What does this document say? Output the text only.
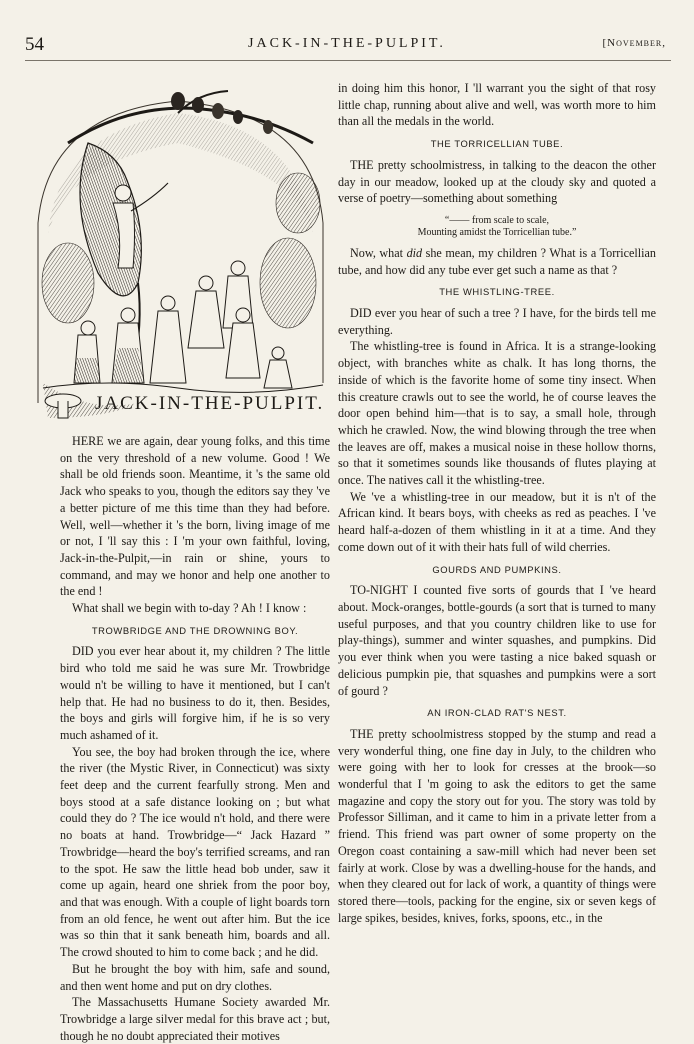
54	JACK-IN-THE-PULPIT.	[November,
JACK-IN-THE-PULPIT.

HERE we are again, dear young folks, and this time on the very threshold of a new volume. Good ! We shall be old friends soon. Meantime, it 's the same old Jack who speaks to you, though the editors say they 've a better picture of me this time than they had before. Well, well—whether it 's the born, living image of me or not, I 'll say this : I 'm your own faithful, loving, Jack-in-the-Pulpit,—in rain or shine, yours to command, and may we honor and help one another to the end !

What shall we begin with to-day ? Ah ! I know :

TROWBRIDGE AND THE DROWNING BOY.

DID you ever hear about it, my children ? The little bird who told me said he was sure Mr. Trowbridge would n't be willing to have it mentioned, but I can't help that. He had no business to do it, then. Besides, the boys and girls will forgive him, if he is so very much ashamed of it.

You see, the boy had broken through the ice, where the river (the Mystic River, in Connecticut) was sixty feet deep and the current fearfully strong. Men and boys stood at a safe distance looking on ; but what could they do ? The ice would n't hold, and there were no boats at hand. Trowbridge—“ Jack Hazard ” Trowbridge—heard the boy's terrified screams, and ran to the spot. He saw the little head bob under, saw it come up again, heard one shriek from the poor boy, and that was enough. With a couple of light boards torn from an old fence, he went out after him. But the ice was so thin that it sank beneath him, boards and all. The crowd shouted to him to come back ; and he did.

But he brought the boy with him, safe and sound, and then went home and put on dry clothes.

The Massachusetts Humane Society awarded Mr. Trowbridge a large silver medal for this brave act ; but, though he no doubt appreciated their motives

in doing him this honor, I 'll warrant you the sight of that rosy little chap, running about alive and well, was worth more to him than all the medals in the world.

THE TORRICELLIAN TUBE.

THE pretty schoolmistress, in talking to the deacon the other day in our meadow, looked up at the cloudy sky and quoted a verse of poetry—something about something

“—— from scale to scale,
Mounting amidst the Torricellian tube.”

Now, what did she mean, my children ? What is a Torricellian tube, and how did any tube ever get such a name as that ?

THE WHISTLING-TREE.

DID ever you hear of such a tree ? I have, for the birds tell me everything.

The whistling-tree is found in Africa. It is a strange-looking object, with branches white as chalk. It has long thorns, the inside of which is the favorite home of some tiny insect. When this creature crawls out to see the world, he of course leaves the door open behind him—that is to say, a small hole, through which he crawled. Now, the wind blowing through the tree when the leaves are off, makes a musical noise in these hollow thorns, so that it sometimes sounds like thousands of flutes playing at once. The natives call it the whistling-tree.

We 've a whistling-tree in our meadow, but it is n't of the African kind. It bears boys, with cheeks as red as peaches. I 've heard half-a-dozen of them whistling in it at a time. And they come down out of it with their hats full of wild cherries.

GOURDS AND PUMPKINS.

TO-NIGHT I counted five sorts of gourds that I 've heard about. Mock-oranges, bottle-gourds (a sort that is turned to many useful purposes, and that you country children like to use for play-things), summer and winter squashes, and pumpkins. Did you ever think when you were tasting a nice baked squash or delicious pumpkin pie, that squashes and pumpkins were a sort of gourd ?

AN IRON-CLAD RAT'S NEST.

THE pretty schoolmistress stopped by the stump and read a very wonderful thing, one fine day in July, to the children who were going with her to look for cresses at the brook—so wonderful that I 'm going to ask the editors to get the same magazine and copy the story out for you. The story was told by Professor Silliman, and it came to him in a private letter from a friend. This friend was part owner of some property on the Oregon coast containing a saw-mill which had never been set fairly at work. Close by was a dwelling-house for the hands, and when they cleared out for lack of work, a quantity of things were stored there—tools, packing for the engine, six or seven kegs of large spikes, besides, knives, forks, spoons, etc., in the
